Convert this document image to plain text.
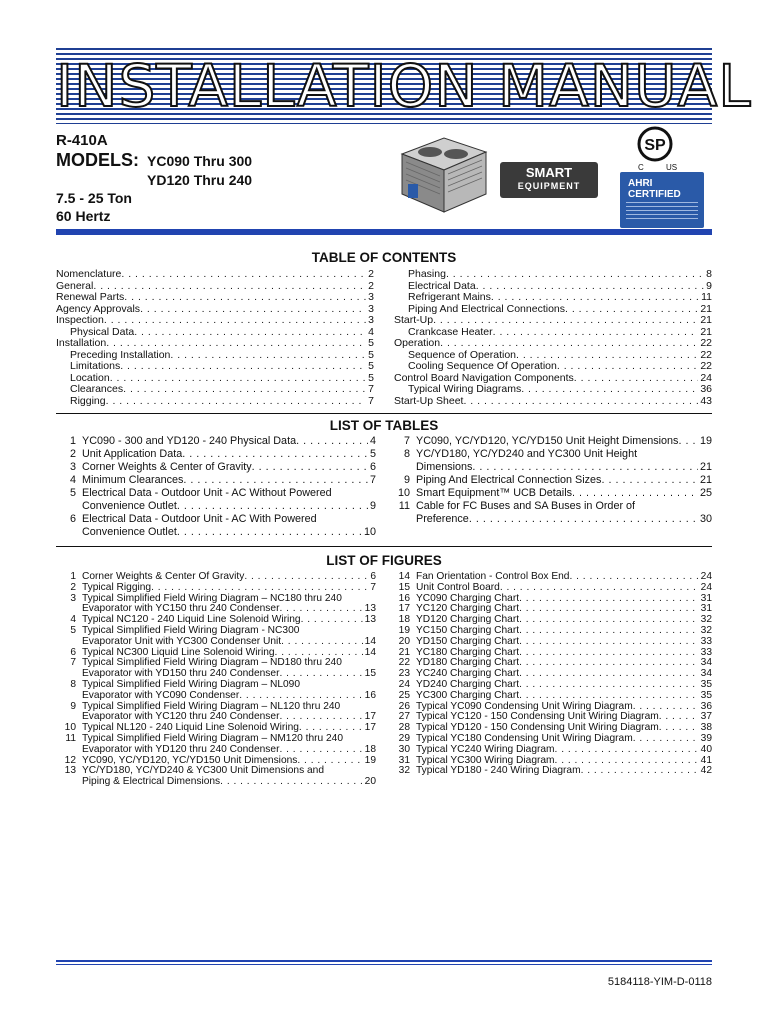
INSTALLATION MANUAL
R-410A
MODELS: YC090 Thru 300
YD120 Thru 240
7.5 - 25 Ton
60 Hertz
SMART
EQUIPMENT
SP
C	US
AHRI CERTIFIED
TABLE OF CONTENTS
Nomenclature . . .	2
General . . .	2
Renewal Parts . . .	3
Agency Approvals . . .	3
Inspection . . .	3
Physical Data . . .	4
Installation . . .	5
Preceding Installation . . .	5
Limitations . . .	5
Location . . .	5
Clearances . . .	7
Rigging . . .	7
Phasing . . .	8
Electrical Data . . .	9
Refrigerant Mains . . .	11
Piping And Electrical Connections . . .	21
Start-Up . . .	21
Crankcase Heater . . .	21
Operation . . .	22
Sequence of Operation . . .	22
Cooling Sequence Of Operation . . .	22
Control Board Navigation Components . . .	24
Typical Wiring Diagrams . . .	36
Start-Up Sheet . . .	43
LIST OF TABLES
1 YC090 - 300 and YD120 - 240 Physical Data . . .	4
2 Unit Application Data . . .	5
3 Corner Weights & Center of Gravity . . .	6
4 Minimum Clearances . . .	7
5 Electrical Data - Outdoor Unit - AC Without Powered
Convenience Outlet . . .	9
6 Electrical Data - Outdoor Unit - AC With Powered
Convenience Outlet . . .	10
7 YC090, YC/YD120, YC/YD150 Unit Height Dimensions . . . 19
8 YC/YD180, YC/YD240 and YC300 Unit Height
Dimensions . . .	21
9 Piping And Electrical Connection Sizes . . .	21
10 Smart Equipment™ UCB Details . . .	25
11 Cable for FC Buses and SA Buses in Order of
Preference . . .	30
LIST OF FIGURES
1 Corner Weights & Center Of Gravity . . .	6
2 Typical Rigging . . .	7
3 Typical Simplified Field Wiring Diagram – NC180 thru 240
Evaporator with YC150 thru 240 Condenser . . .	13
4 Typical NC120 - 240 Liquid Line Solenoid Wiring . . .	13
5 Typical Simplified Field Wiring Diagram - NC300
Evaporator Unit with YC300 Condenser Unit . . .	14
6 Typical NC300 Liquid Line Solenoid Wiring . . .	14
7 Typical Simplified Field Wiring Diagram – ND180 thru 240
Evaporator with YD150 thru 240 Condenser . . .	15
8 Typical Simplified Field Wiring Diagram – NL090
Evaporator with YC090 Condenser . . .	16
9 Typical Simplified Field Wiring Diagram – NL120 thru 240
Evaporator with YC120 thru 240 Condenser . . .	17
10 Typical NL120 - 240 Liquid Line Solenoid Wiring . . .	17
11 Typical Simplified Field Wiring Diagram – NM120 thru 240
Evaporator with YD120 thru 240 Condenser . . .	18
12 YC090, YC/YD120, YC/YD150 Unit Dimensions . . .	19
13 YC/YD180, YC/YD240 & YC300 Unit Dimensions and
Piping & Electrical Dimensions . . .	20
14 Fan Orientation - Control Box End . . .	24
15 Unit Control Board . . .	24
16 YC090 Charging Chart . . .	31
17 YC120 Charging Chart . . .	31
18 YD120 Charging Chart . . .	32
19 YC150 Charging Chart . . .	32
20 YD150 Charging Chart . . .	33
21 YC180 Charging Chart . . .	33
22 YD180 Charging Chart . . .	34
23 YC240 Charging Chart . . .	34
24 YD240 Charging Chart . . .	35
25 YC300 Charging Chart . . .	35
26 Typical YC090 Condensing Unit Wiring Diagram . . .	36
27 Typical YC120 - 150 Condensing Unit Wiring Diagram . . .	37
28 Typical YD120 - 150 Condensing Unit Wiring Diagram . . .	38
29 Typical YC180 Condensing Unit Wiring Diagram . . .	39
30 Typical YC240 Wiring Diagram . . .	40
31 Typical YC300 Wiring Diagram . . .	41
32 Typical YD180 - 240 Wiring Diagram . . .	42
5184118-YIM-D-0118
